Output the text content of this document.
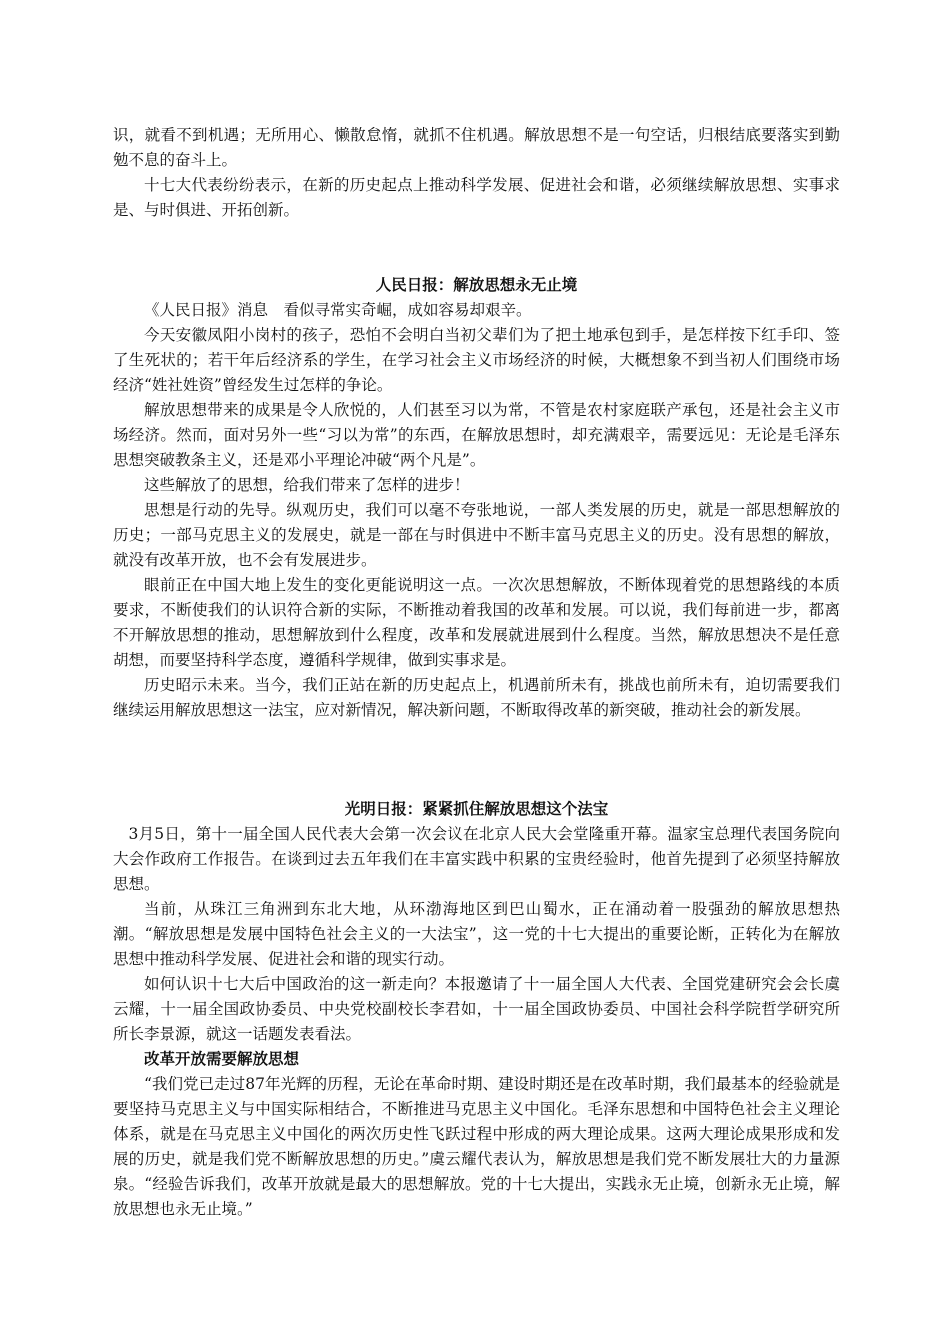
识，就看不到机遇；无所用心、懒散怠惰，就抓不住机遇。解放思想不是一句空话，归根结底要落实到勤勉不息的奋斗上。

十七大代表纷纷表示，在新的历史起点上推动科学发展、促进社会和谐，必须继续解放思想、实事求是、与时俱进、开拓创新。

人民日报：解放思想永无止境

《人民日报》消息　看似寻常实奇崛，成如容易却艰辛。

今天安徽凤阳小岗村的孩子，恐怕不会明白当初父辈们为了把土地承包到手，是怎样按下红手印、签了生死状的；若干年后经济系的学生，在学习社会主义市场经济的时候，大概想象不到当初人们围绕市场经济“姓社姓资”曾经发生过怎样的争论。

解放思想带来的成果是令人欣悦的，人们甚至习以为常，不管是农村家庭联产承包，还是社会主义市场经济。然而，面对另外一些“习以为常”的东西，在解放思想时，却充满艰辛，需要远见：无论是毛泽东思想突破教条主义，还是邓小平理论冲破“两个凡是”。

这些解放了的思想，给我们带来了怎样的进步！

思想是行动的先导。纵观历史，我们可以毫不夸张地说，一部人类发展的历史，就是一部思想解放的历史；一部马克思主义的发展史，就是一部在与时俱进中不断丰富马克思主义的历史。没有思想的解放，就没有改革开放，也不会有发展进步。

眼前正在中国大地上发生的变化更能说明这一点。一次次思想解放，不断体现着党的思想路线的本质要求，不断使我们的认识符合新的实际，不断推动着我国的改革和发展。可以说，我们每前进一步，都离不开解放思想的推动，思想解放到什么程度，改革和发展就进展到什么程度。当然，解放思想决不是任意胡想，而要坚持科学态度，遵循科学规律，做到实事求是。

历史昭示未来。当今，我们正站在新的历史起点上，机遇前所未有，挑战也前所未有，迫切需要我们继续运用解放思想这一法宝，应对新情况，解决新问题，不断取得改革的新突破，推动社会的新发展。

光明日报：紧紧抓住解放思想这个法宝

3月5日，第十一届全国人民代表大会第一次会议在北京人民大会堂隆重开幕。温家宝总理代表国务院向大会作政府工作报告。在谈到过去五年我们在丰富实践中积累的宝贵经验时，他首先提到了必须坚持解放思想。

当前，从珠江三角洲到东北大地，从环渤海地区到巴山蜀水，正在涌动着一股强劲的解放思想热潮。“解放思想是发展中国特色社会主义的一大法宝”，这一党的十七大提出的重要论断，正转化为在解放思想中推动科学发展、促进社会和谐的现实行动。

如何认识十七大后中国政治的这一新走向？本报邀请了十一届全国人大代表、全国党建研究会会长虞云耀，十一届全国政协委员、中央党校副校长李君如，十一届全国政协委员、中国社会科学院哲学研究所所长李景源，就这一话题发表看法。

改革开放需要解放思想

“我们党已走过87年光辉的历程，无论在革命时期、建设时期还是在改革时期，我们最基本的经验就是要坚持马克思主义与中国实际相结合，不断推进马克思主义中国化。毛泽东思想和中国特色社会主义理论体系，就是在马克思主义中国化的两次历史性飞跃过程中形成的两大理论成果。这两大理论成果形成和发展的历史，就是我们党不断解放思想的历史。”虞云耀代表认为，解放思想是我们党不断发展壮大的力量源泉。“经验告诉我们，改革开放就是最大的思想解放。党的十七大提出，实践永无止境，创新永无止境，解放思想也永无止境。”
